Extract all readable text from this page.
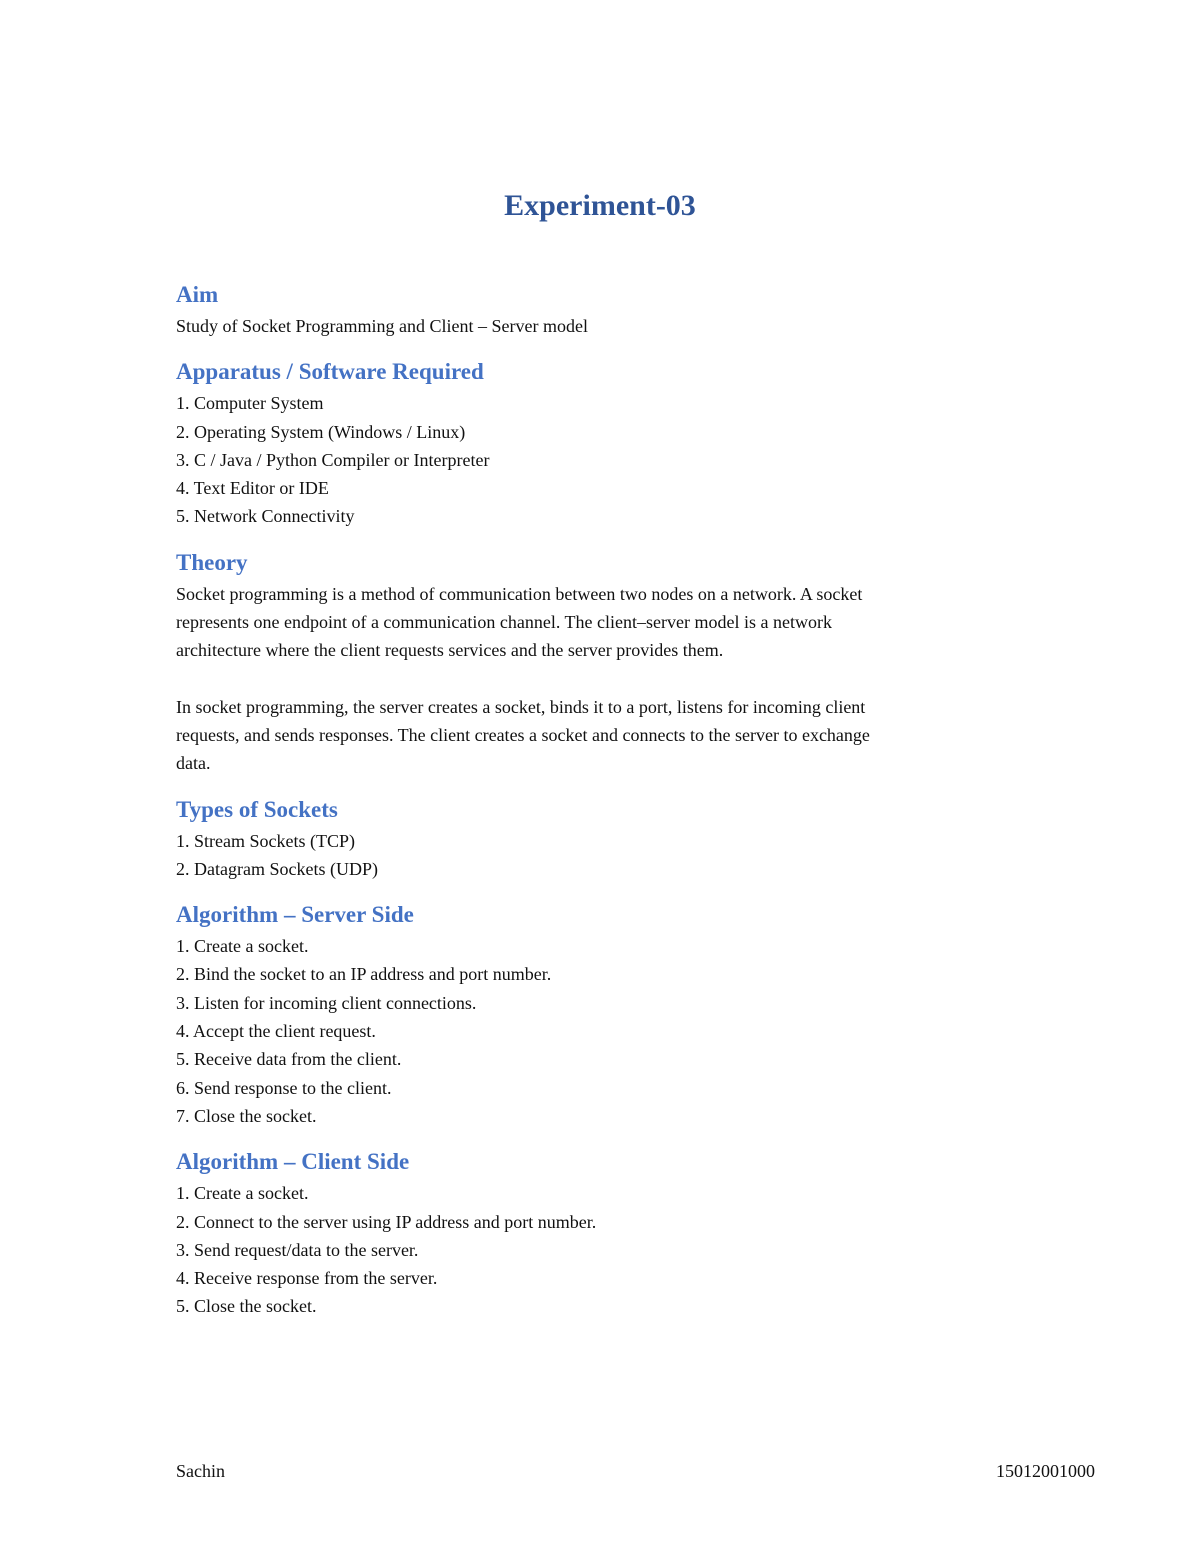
Experiment-03

Aim

Study of Socket Programming and Client – Server model

Apparatus / Software Required

1. Computer System

2. Operating System (Windows / Linux)

3. C / Java / Python Compiler or Interpreter

4. Text Editor or IDE

5. Network Connectivity

Theory

Socket programming is a method of communication between two nodes on a network. A socket

represents one endpoint of a communication channel. The client–server model is a network

architecture where the client requests services and the server provides them.

In socket programming, the server creates a socket, binds it to a port, listens for incoming client

requests, and sends responses. The client creates a socket and connects to the server to exchange

data.

Types of Sockets

1. Stream Sockets (TCP)

2. Datagram Sockets (UDP)

Algorithm – Server Side

1. Create a socket.

2. Bind the socket to an IP address and port number.

3. Listen for incoming client connections.

4. Accept the client request.

5. Receive data from the client.

6. Send response to the client.

7. Close the socket.

Algorithm – Client Side

1. Create a socket.

2. Connect to the server using IP address and port number.

3. Send request/data to the server.

4. Receive response from the server.

5. Close the socket.

Sachin	15012001000
